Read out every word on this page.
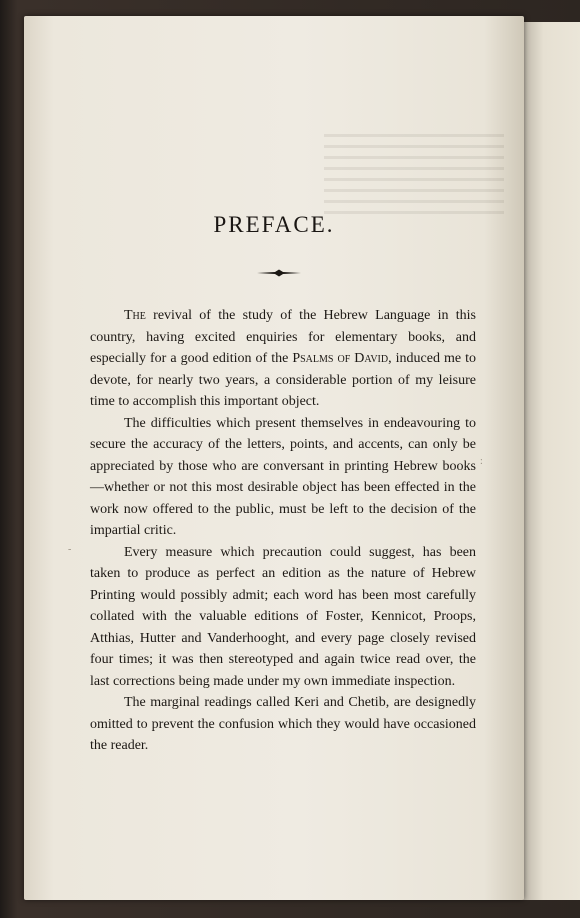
PREFACE.

The revival of the study of the Hebrew Language in this country, having excited enquiries for elementary books, and especially for a good edition of the Psalms of David, induced me to devote, for nearly two years, a considerable portion of my leisure time to accomplish this important object.

The difficulties which present themselves in endeavouring to secure the accuracy of the letters, points, and accents, can only be appreciated by those who are conversant in printing Hebrew books—whether or not this most desirable object has been effected in the work now offered to the public, must be left to the decision of the impartial critic.

Every measure which precaution could suggest, has been taken to produce as perfect an edition as the nature of Hebrew Printing would possibly admit; each word has been most carefully collated with the valuable editions of Foster, Kennicot, Proops, Atthias, Hutter and Vanderhooght, and every page closely revised four times; it was then stereotyped and again twice read over, the last corrections being made under my own immediate inspection.

The marginal readings called Keri and Chetib, are designedly omitted to prevent the confusion which they would have occasioned the reader.

-
:
